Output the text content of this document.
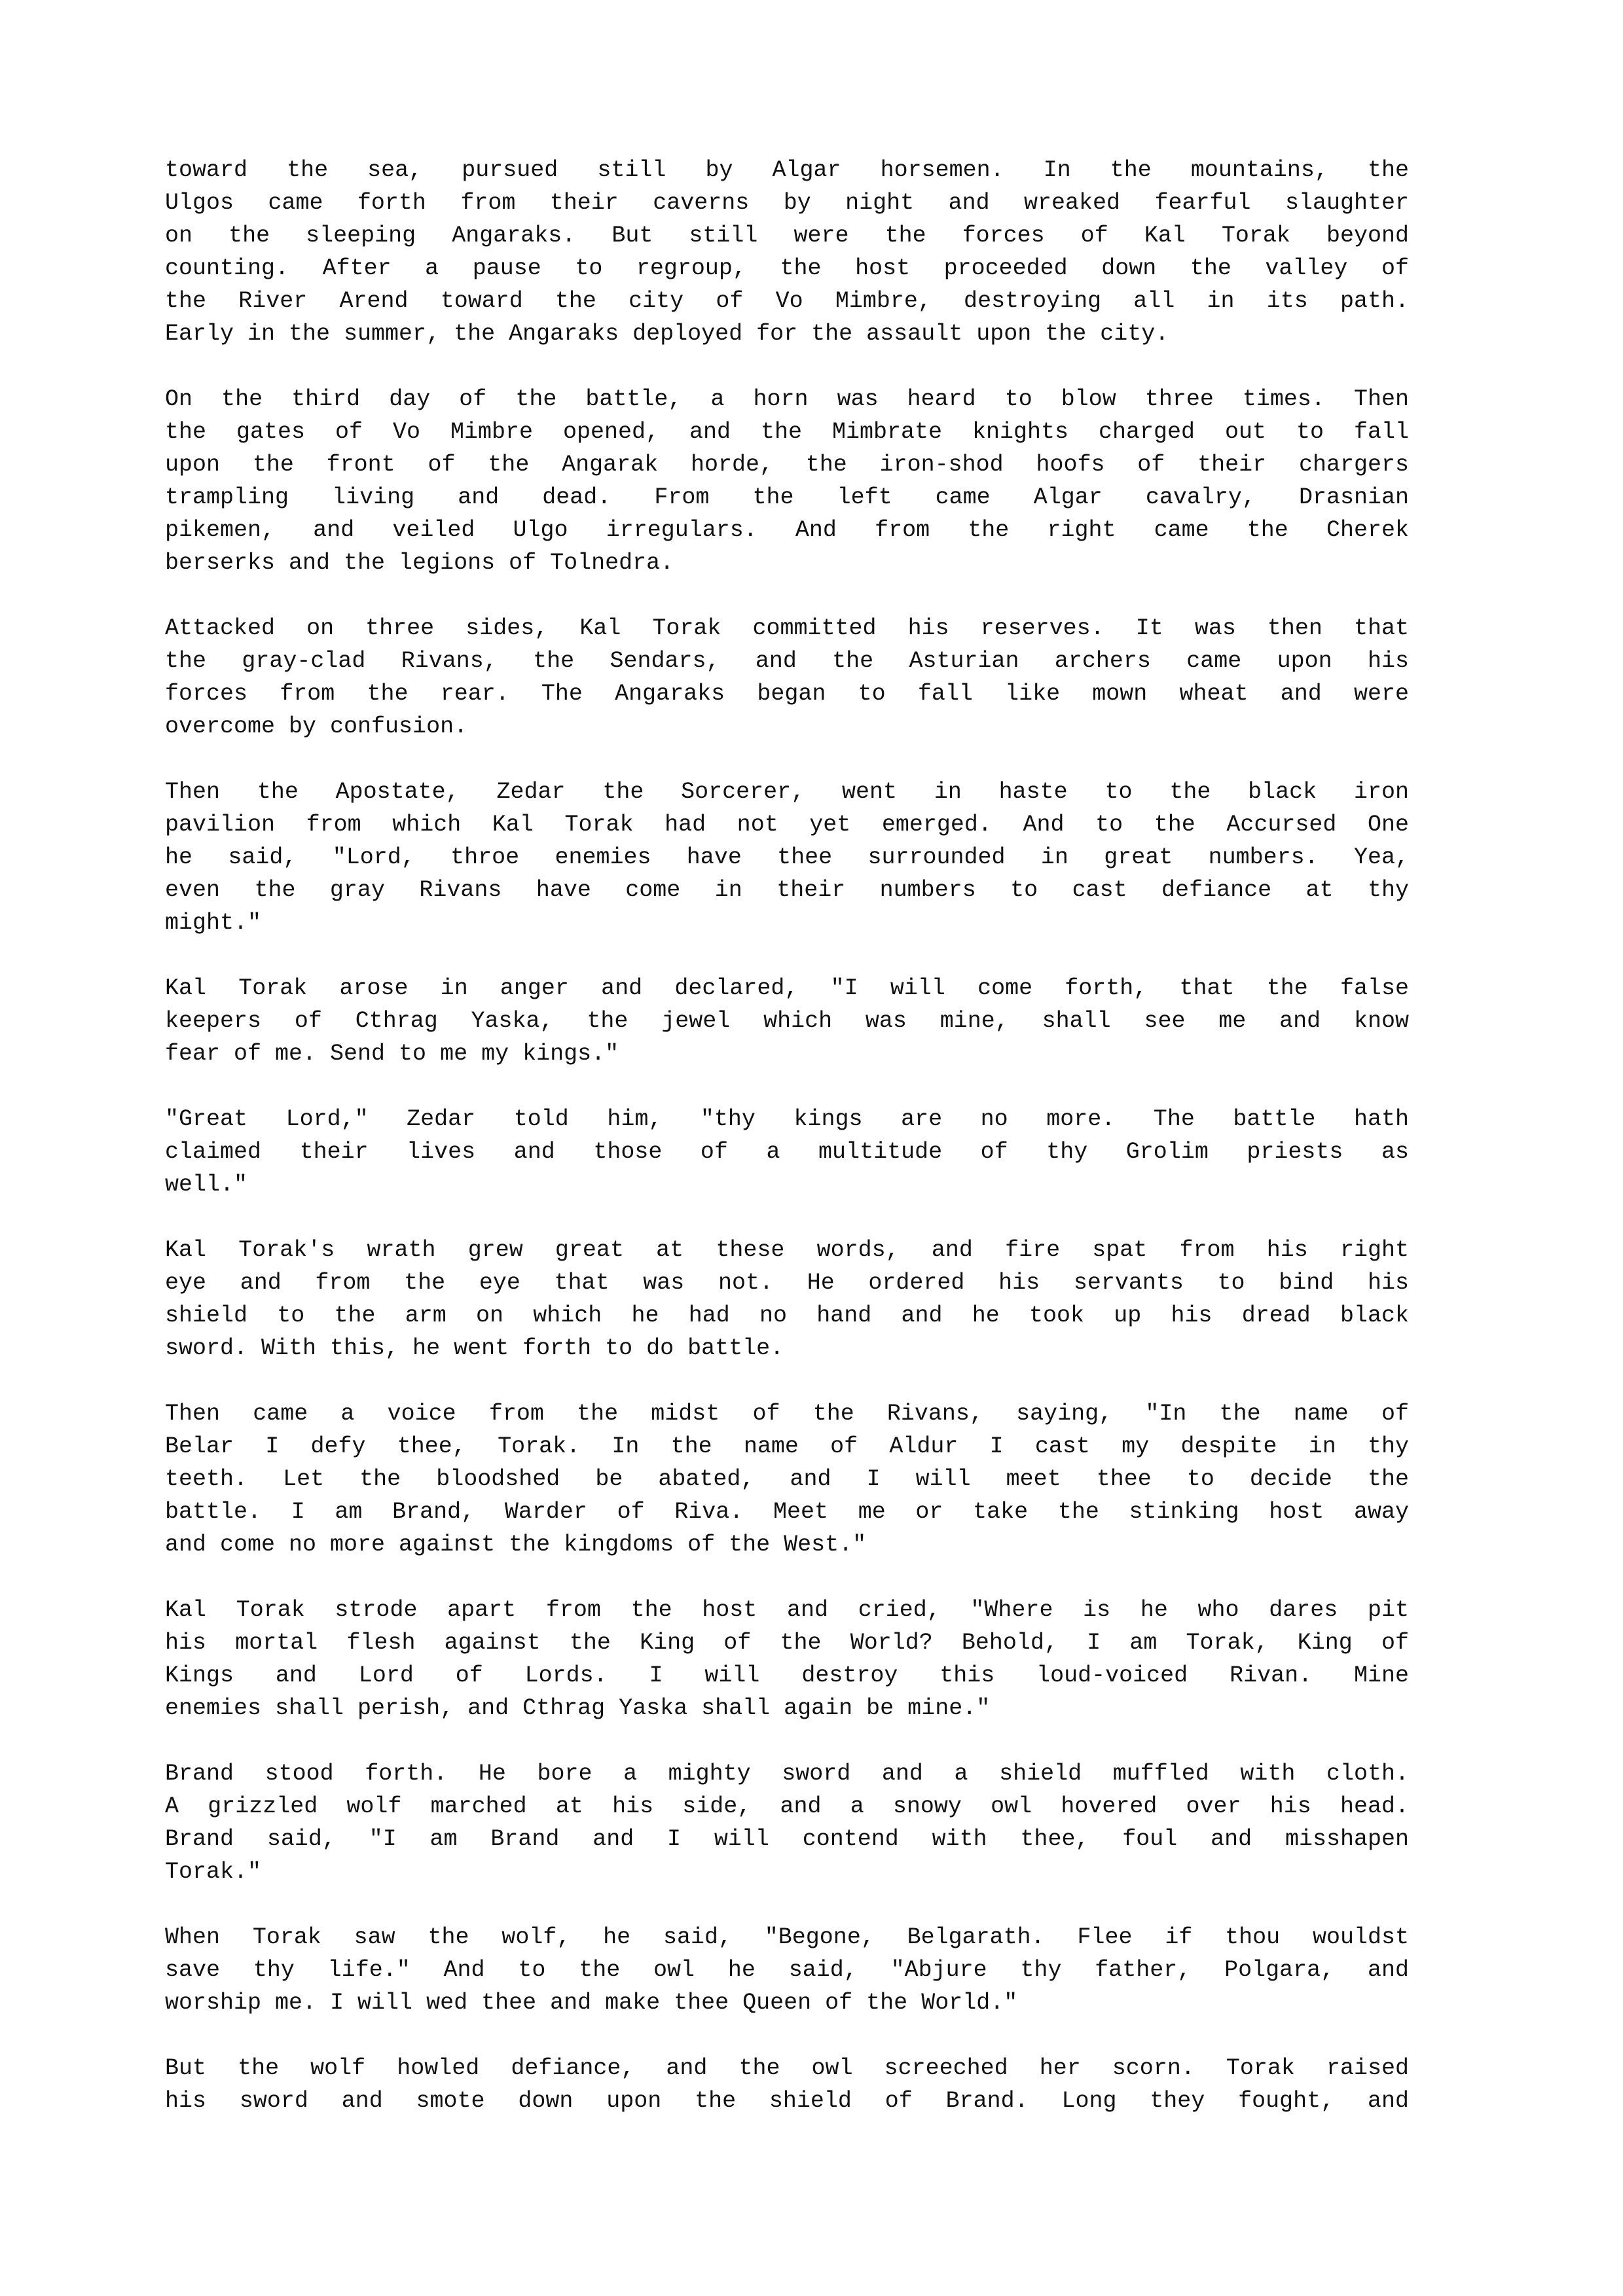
toward the sea, pursued still by Algar horsemen. In the mountains, the
Ulgos came forth from their caverns by night and wreaked fearful slaughter
on the sleeping Angaraks. But still were the forces of Kal Torak beyond
counting. After a pause to regroup, the host proceeded down the valley of
the River Arend toward the city of Vo Mimbre, destroying all in its path.
Early in the summer, the Angaraks deployed for the assault upon the city.
On the third day of the battle, a horn was heard to blow three times. Then
the gates of Vo Mimbre opened, and the Mimbrate knights charged out to fall
upon the front of the Angarak horde, the iron-shod hoofs of their chargers
trampling living and dead. From the left came Algar cavalry, Drasnian
pikemen, and veiled Ulgo irregulars. And from the right came the Cherek
berserks and the legions of Tolnedra.
Attacked on three sides, Kal Torak committed his reserves. It was then that
the gray-clad Rivans, the Sendars, and the Asturian archers came upon his
forces from the rear. The Angaraks began to fall like mown wheat and were
overcome by confusion.
Then the Apostate, Zedar the Sorcerer, went in haste to the black iron
pavilion from which Kal Torak had not yet emerged. And to the Accursed One
he said, "Lord, throe enemies have thee surrounded in great numbers. Yea,
even the gray Rivans have come in their numbers to cast defiance at thy
might."
Kal Torak arose in anger and declared, "I will come forth, that the false
keepers of Cthrag Yaska, the jewel which was mine, shall see me and know
fear of me. Send to me my kings."
"Great Lord," Zedar told him, "thy kings are no more. The battle hath
claimed their lives and those of a multitude of thy Grolim priests as
well."
Kal Torak's wrath grew great at these words, and fire spat from his right
eye and from the eye that was not. He ordered his servants to bind his
shield to the arm on which he had no hand and he took up his dread black
sword. With this, he went forth to do battle.
Then came a voice from the midst of the Rivans, saying, "In the name of
Belar I defy thee, Torak. In the name of Aldur I cast my despite in thy
teeth. Let the bloodshed be abated, and I will meet thee to decide the
battle. I am Brand, Warder of Riva. Meet me or take the stinking host away
and come no more against the kingdoms of the West."
Kal Torak strode apart from the host and cried, "Where is he who dares pit
his mortal flesh against the King of the World? Behold, I am Torak, King of
Kings and Lord of Lords. I will destroy this loud-voiced Rivan. Mine
enemies shall perish, and Cthrag Yaska shall again be mine."
Brand stood forth. He bore a mighty sword and a shield muffled with cloth.
A grizzled wolf marched at his side, and a snowy owl hovered over his head.
Brand said, "I am Brand and I will contend with thee, foul and misshapen
Torak."
When Torak saw the wolf, he said, "Begone, Belgarath. Flee if thou wouldst
save thy life." And to the owl he said, "Abjure thy father, Polgara, and
worship me. I will wed thee and make thee Queen of the World."
But the wolf howled defiance, and the owl screeched her scorn. Torak raised
his sword and smote down upon the shield of Brand. Long they fought, and
